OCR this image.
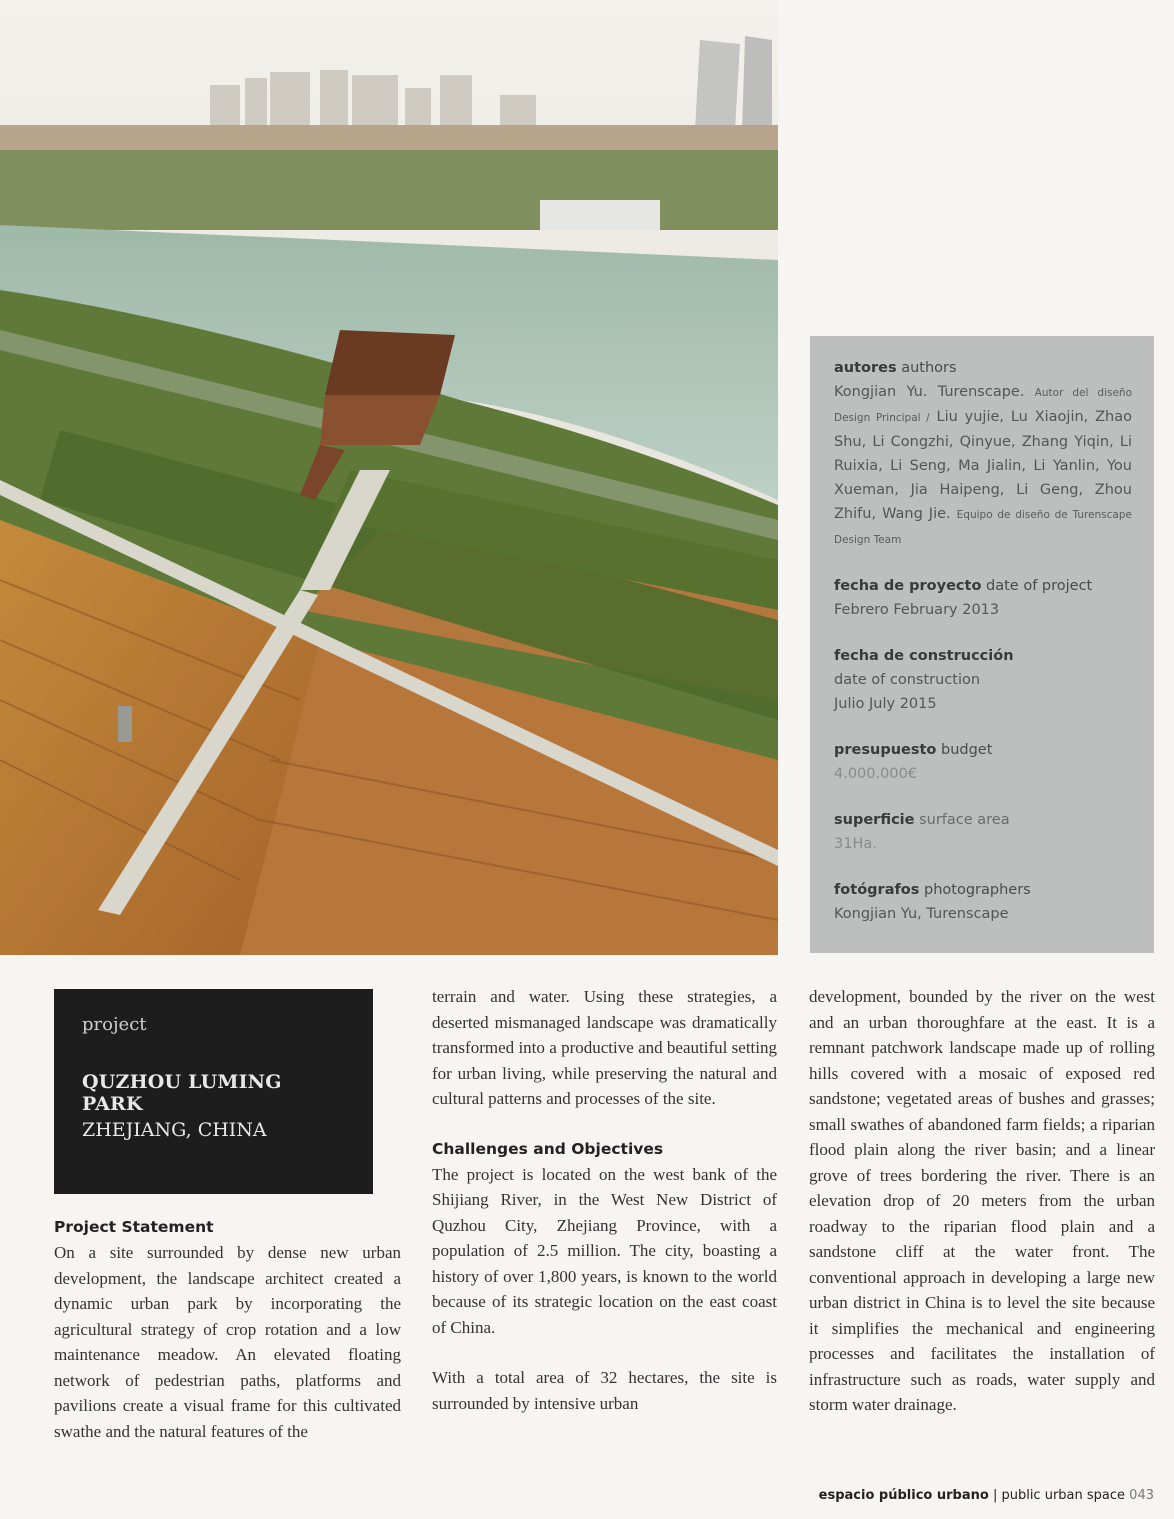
autores authors
Kongjian Yu. Turenscape. Autor del diseño Design Principal / Liu yujie, Lu Xiaojin, Zhao Shu, Li Congzhi, Qinyue, Zhang Yiqin, Li Ruixia, Li Seng, Ma Jialin, Li Yanlin, You Xueman, Jia Haipeng, Li Geng, Zhou Zhifu, Wang Jie. Equipo de diseño de Turenscape Design Team
fecha de proyecto date of project
Febrero February 2013
fecha de construcción
date of construction
Julio July 2015
presupuesto budget
4.000.000€
superficie surface area
31Ha.
fotógrafos photographers
Kongjian Yu, Turenscape
project
QUZHOU LUMING PARK
ZHEJIANG, CHINA
Project Statement

On a site surrounded by dense new urban development, the landscape architect created a dynamic urban park by incorporating the agricultural strategy of crop rotation and a low maintenance meadow. An elevated floating network of pedestrian paths, platforms and pavilions create a visual frame for this cultivated swathe and the natural features of the

terrain and water. Using these strategies, a deserted mismanaged landscape was dramatically transformed into a productive and beautiful setting for urban living, while preserving the natural and cultural patterns and processes of the site.

Challenges and Objectives

The project is located on the west bank of the Shijiang River, in the West New District of Quzhou City, Zhejiang Province, with a population of 2.5 million. The city, boasting a history of over 1,800 years, is known to the world because of its strategic location on the east coast of China.

With a total area of 32 hectares, the site is surrounded by intensive urban

development, bounded by the river on the west and an urban thoroughfare at the east. It is a remnant patchwork landscape made up of rolling hills covered with a mosaic of exposed red sandstone; vegetated areas of bushes and grasses; small swathes of abandoned farm fields; a riparian flood plain along the river basin; and a linear grove of trees bordering the river. There is an elevation drop of 20 meters from the urban roadway to the riparian flood plain and a sandstone cliff at the water front. The conventional approach in developing a large new urban district in China is to level the site because it simplifies the mechanical and engineering processes and facilitates the installation of infrastructure such as roads, water supply and storm water drainage.

espacio público urbano | public urban space 043
